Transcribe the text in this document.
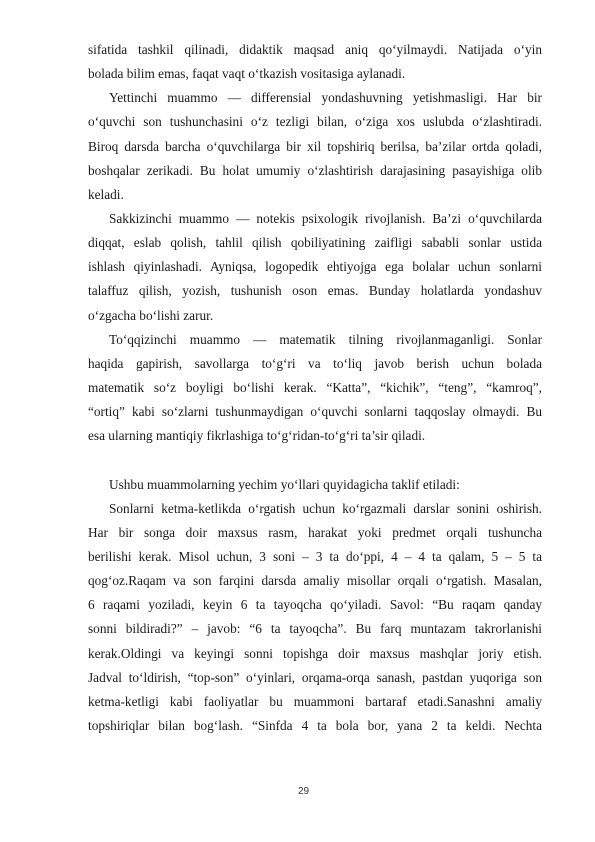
sifatida tashkil qilinadi, didaktik maqsad aniq qo‘yilmaydi. Natijada o‘yin
bolada bilim emas, faqat vaqt o‘tkazish vositasiga aylanadi.
Yettinchi muammo — differensial yondashuvning yetishmasligi. Har bir
o‘quvchi son tushunchasini o‘z tezligi bilan, o‘ziga xos uslubda o‘zlashtiradi.
Biroq darsda barcha o‘quvchilarga bir xil topshiriq berilsa, ba’zilar ortda qoladi,
boshqalar zerikadi. Bu holat umumiy o‘zlashtirish darajasining pasayishiga olib
keladi.
Sakkizinchi muammo — notekis psixologik rivojlanish. Ba’zi o‘quvchilarda
diqqat, eslab qolish, tahlil qilish qobiliyatining zaifligi sababli sonlar ustida
ishlash qiyinlashadi. Ayniqsa, logopedik ehtiyojga ega bolalar uchun sonlarni
talaffuz qilish, yozish, tushunish oson emas. Bunday holatlarda yondashuv
o‘zgacha bo‘lishi zarur.
To‘qqizinchi muammo — matematik tilning rivojlanmaganligi. Sonlar
haqida gapirish, savollarga to‘g‘ri va to‘liq javob berish uchun bolada
matematik so‘z boyligi bo‘lishi kerak. “Katta”, “kichik”, “teng”, “kamroq”,
“ortiq” kabi so‘zlarni tushunmaydigan o‘quvchi sonlarni taqqoslay olmaydi. Bu
esa ularning mantiqiy fikrlashiga to‘g‘ridan-to‘g‘ri ta’sir qiladi.
Ushbu muammolarning yechim yo‘llari quyidagicha taklif etiladi:
Sonlarni ketma-ketlikda o‘rgatish uchun ko‘rgazmali darslar sonini oshirish.
Har bir songa doir maxsus rasm, harakat yoki predmet orqali tushuncha
berilishi kerak. Misol uchun, 3 soni – 3 ta do‘ppi, 4 – 4 ta qalam, 5 – 5 ta
qog‘oz.Raqam va son farqini darsda amaliy misollar orqali o‘rgatish. Masalan,
6 raqami yoziladi, keyin 6 ta tayoqcha qo‘yiladi. Savol: “Bu raqam qanday
sonni bildiradi?” – javob: “6 ta tayoqcha”. Bu farq muntazam takrorlanishi
kerak.Oldingi va keyingi sonni topishga doir maxsus mashqlar joriy etish.
Jadval to‘ldirish, “top-son” o‘yinlari, orqama-orqa sanash, pastdan yuqoriga son
ketma-ketligi kabi faoliyatlar bu muammoni bartaraf etadi.Sanashni amaliy
topshiriqlar bilan bog‘lash. “Sinfda 4 ta bola bor, yana 2 ta keldi. Nechta
29
